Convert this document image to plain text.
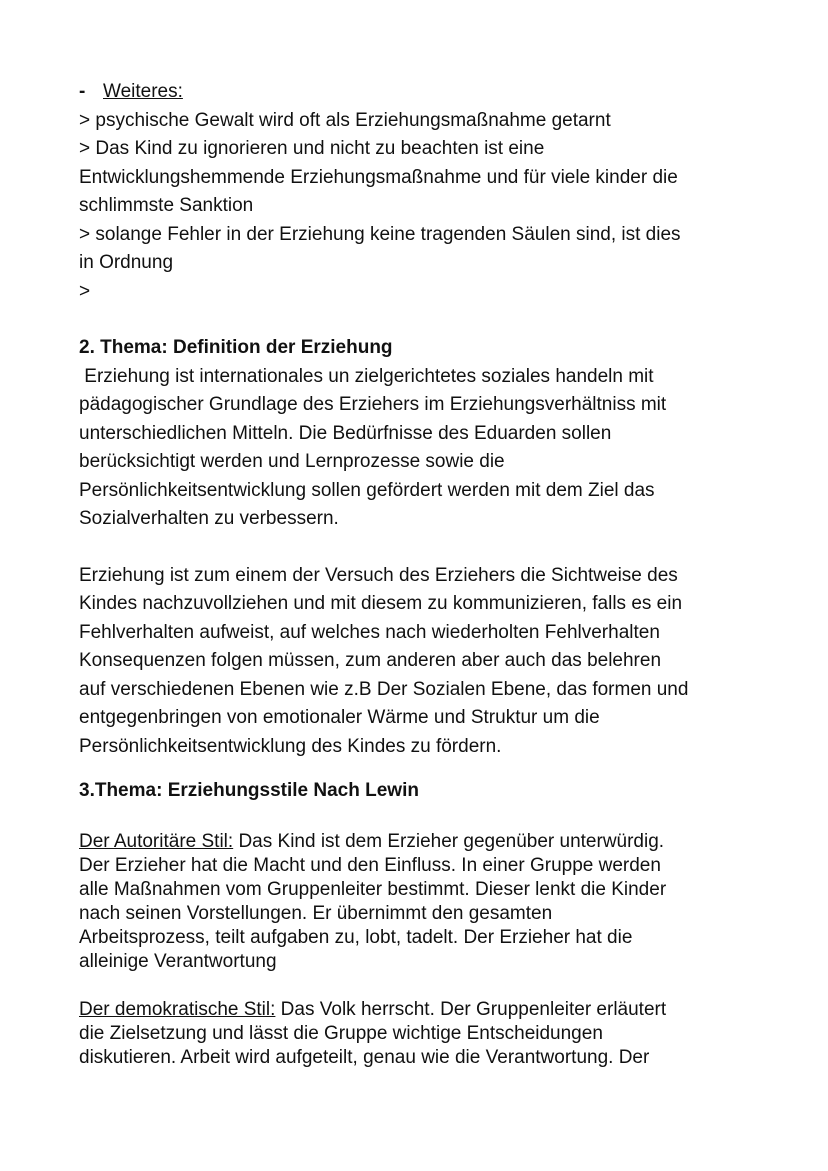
- Weiteres:
> psychische Gewalt wird oft als Erziehungsmaßnahme getarnt
> Das Kind zu ignorieren und nicht zu beachten ist eine
Entwicklungshemmende Erziehungsmaßnahme und für viele kinder die
schlimmste Sanktion
> solange Fehler in der Erziehung keine tragenden Säulen sind, ist dies
in Ordnung
>
2. Thema: Definition der Erziehung
Erziehung ist internationales un zielgerichtetes soziales handeln mit
pädagogischer Grundlage des Erziehers im Erziehungsverhältniss mit
unterschiedlichen Mitteln. Die Bedürfnisse des Eduarden sollen
berücksichtigt werden und Lernprozesse sowie die
Persönlichkeitsentwicklung sollen gefördert werden mit dem Ziel das
Sozialverhalten zu verbessern.
Erziehung ist zum einem der Versuch des Erziehers die Sichtweise des
Kindes nachzuvollziehen und mit diesem zu kommunizieren, falls es ein
Fehlverhalten aufweist, auf welches nach wiederholten Fehlverhalten
Konsequenzen folgen müssen, zum anderen aber auch das belehren
auf verschiedenen Ebenen wie z.B Der Sozialen Ebene, das formen und
entgegenbringen von emotionaler Wärme und Struktur um die
Persönlichkeitsentwicklung des Kindes zu fördern.
3.Thema: Erziehungsstile Nach Lewin
Der Autoritäre Stil: Das Kind ist dem Erzieher gegenüber unterwürdig.
Der Erzieher hat die Macht und den Einfluss. In einer Gruppe werden
alle Maßnahmen vom Gruppenleiter bestimmt. Dieser lenkt die Kinder
nach seinen Vorstellungen. Er übernimmt den gesamten
Arbeitsprozess, teilt aufgaben zu, lobt, tadelt. Der Erzieher hat die
alleinige Verantwortung
Der demokratische Stil: Das Volk herrscht. Der Gruppenleiter erläutert
die Zielsetzung und lässt die Gruppe wichtige Entscheidungen
diskutieren. Arbeit wird aufgeteilt, genau wie die Verantwortung. Der
